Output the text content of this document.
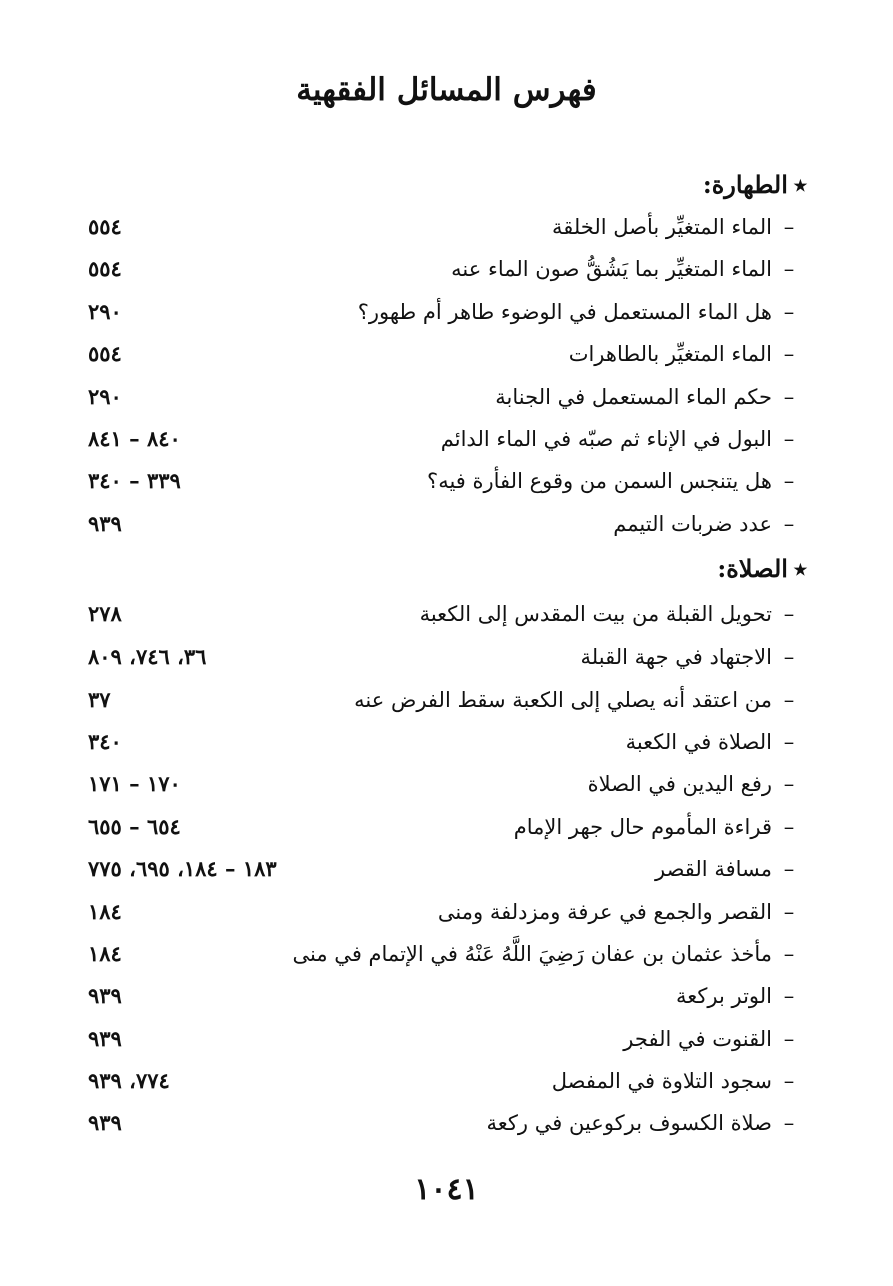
فهرس المسائل الفقهية
٭الطهارة:
–الماء المتغيِّر بأصل الخلقة
٥٥٤
–الماء المتغيِّر بما يَشُقُّ صون الماء عنه
٥٥٤
–هل الماء المستعمل في الوضوء طاهر أم طهور؟
٢٩٠
–الماء المتغيِّر بالطاهرات
٥٥٤
–حكم الماء المستعمل في الجنابة
٢٩٠
–البول في الإناء ثم صبّه في الماء الدائم
٨٤٠ – ٨٤١
–هل يتنجس السمن من وقوع الفأرة فيه؟
٣٣٩ – ٣٤٠
–عدد ضربات التيمم
٩٣٩
٭الصلاة:
–تحويل القبلة من بيت المقدس إلى الكعبة
٢٧٨
–الاجتهاد في جهة القبلة
٣٦، ٧٤٦، ٨٠٩
–من اعتقد أنه يصلي إلى الكعبة سقط الفرض عنه
٣٧
–الصلاة في الكعبة
٣٤٠
–رفع اليدين في الصلاة
١٧٠ – ١٧١
–قراءة المأموم حال جهر الإمام
٦٥٤ – ٦٥٥
–مسافة القصر
١٨٣ – ١٨٤، ٦٩٥، ٧٧٥
–القصر والجمع في عرفة ومزدلفة ومنى
١٨٤
–مأخذ عثمان بن عفان رَضِيَ اللَّهُ عَنْهُ في الإتمام في منى
١٨٤
–الوتر بركعة
٩٣٩
–القنوت في الفجر
٩٣٩
–سجود التلاوة في المفصل
٧٧٤، ٩٣٩
–صلاة الكسوف بركوعين في ركعة
٩٣٩
١٠٤١
